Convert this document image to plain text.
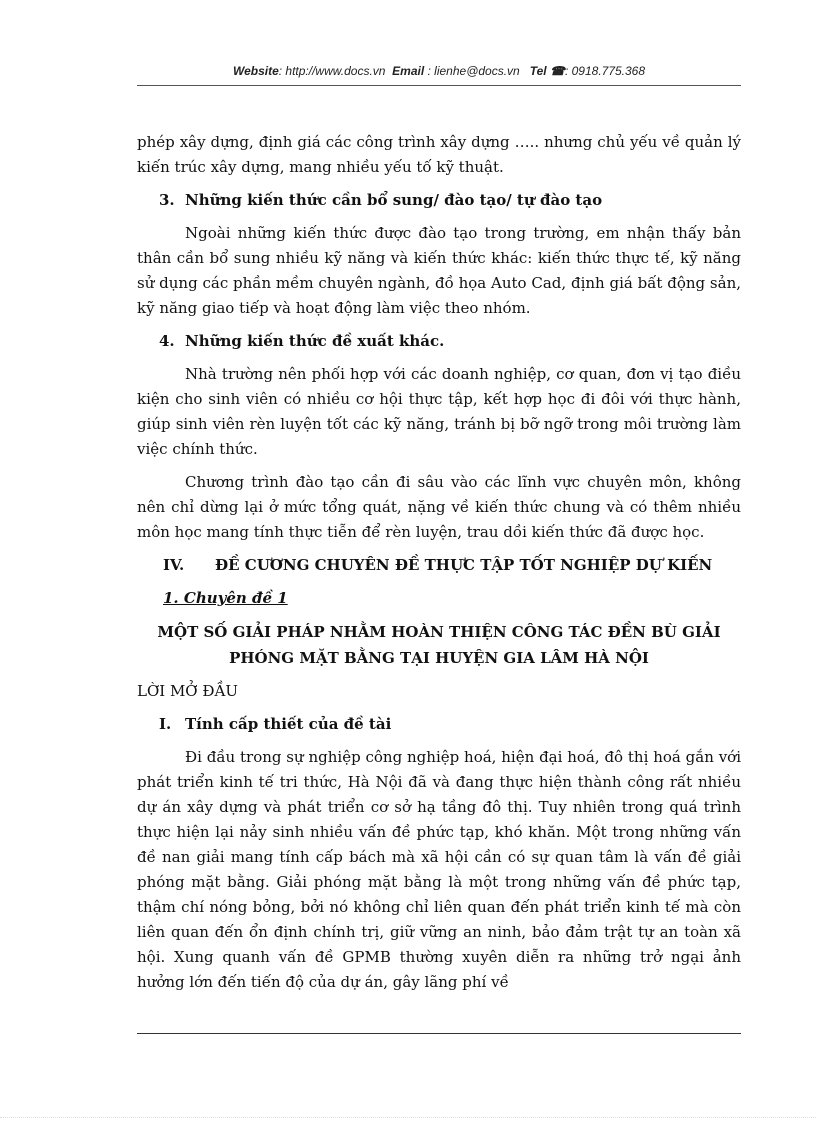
Website: http://www.docs.vn Email : lienhe@docs.vn Tel ☎: 0918.775.368

phép xây dựng, định giá các công trình xây dựng ….. nhưng chủ yếu về quản lý kiến trúc xây dựng, mang nhiều yếu tố kỹ thuật.

3. Những kiến thức cần bổ sung/ đào tạo/ tự đào tạo

Ngoài những kiến thức được đào tạo trong trường, em nhận thấy bản thân cần bổ sung nhiều kỹ năng và kiến thức khác: kiến thức thực tế, kỹ năng sử dụng các phần mềm chuyên ngành, đồ họa Auto Cad, định giá bất động sản, kỹ năng giao tiếp và hoạt động làm việc theo nhóm.

4. Những kiến thức đề xuất khác.

Nhà trường nên phối hợp với các doanh nghiệp, cơ quan, đơn vị tạo điều kiện cho sinh viên có nhiều cơ hội thực tập, kết hợp học đi đôi với thực hành, giúp sinh viên rèn luyện tốt các kỹ năng, tránh bị bỡ ngỡ trong môi trường làm việc chính thức.

Chương trình đào tạo cần đi sâu vào các lĩnh vực chuyên môn, không nên chỉ dừng lại ở mức tổng quát, nặng về kiến thức chung và có thêm nhiều môn học mang tính thực tiễn để rèn luyện, trau dồi kiến thức đã được học.

IV. ĐỀ CƯƠNG CHUYÊN ĐỀ THỰC TẬP TỐT NGHIỆP DỰ KIẾN

1. Chuyên đề 1

MỘT SỐ GIẢI PHÁP NHẰM HOÀN THIỆN CÔNG TÁC ĐỀN BÙ GIẢI
PHÓNG MẶT BẰNG TẠI HUYỆN GIA LÂM HÀ NỘI

LỜI MỞ ĐẦU

I. Tính cấp thiết của đề tài

Đi đầu trong sự nghiệp công nghiệp hoá, hiện đại hoá, đô thị hoá gắn với phát triển kinh tế tri thức, Hà Nội đã và đang thực hiện thành công rất nhiều dự án xây dựng và phát triển cơ sở hạ tầng đô thị. Tuy nhiên trong quá trình thực hiện lại nảy sinh nhiều vấn đề phức tạp, khó khăn. Một trong những vấn đề nan giải mang tính cấp bách mà xã hội cần có sự quan tâm là vấn đề giải phóng mặt bằng. Giải phóng mặt bằng là một trong những vấn đề phức tạp, thậm chí nóng bỏng, bởi nó không chỉ liên quan đến phát triển kinh tế mà còn liên quan đến ổn định chính trị, giữ vững an ninh, bảo đảm trật tự an toàn xã hội. Xung quanh vấn đề GPMB thường xuyên diễn ra những trở ngại ảnh hưởng lớn đến tiến độ của dự án, gây lãng phí về
